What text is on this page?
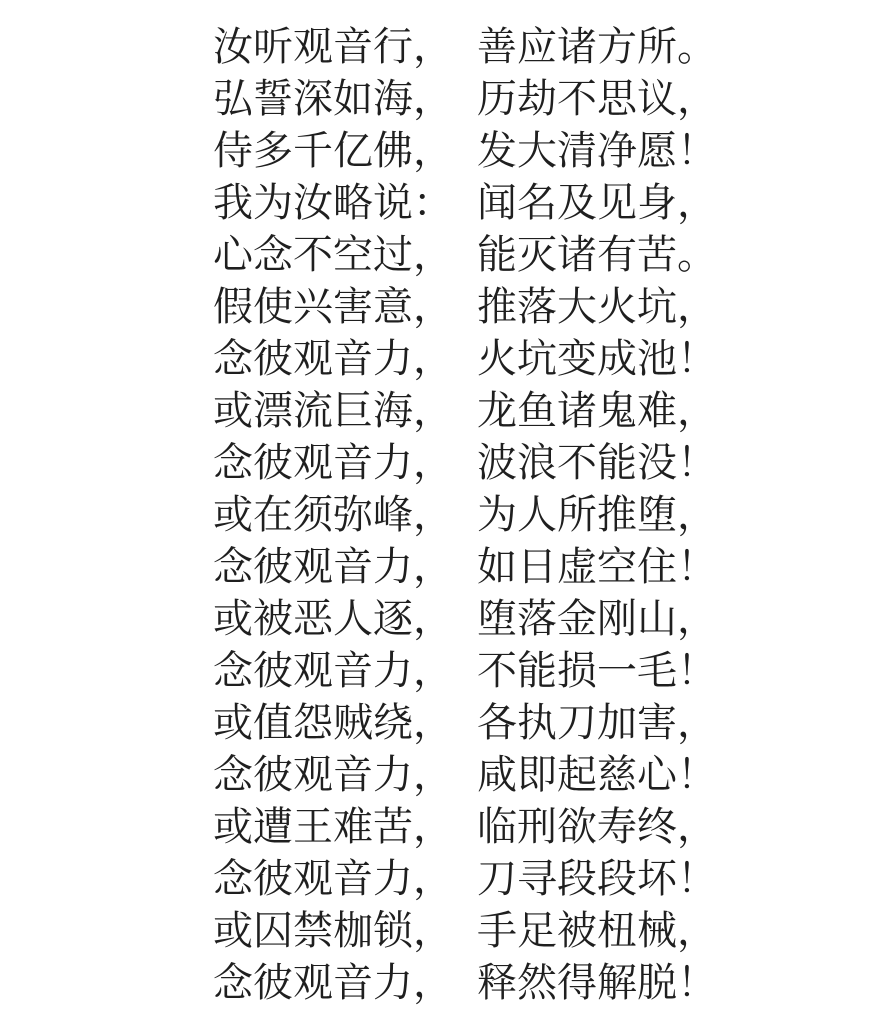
汝听观音行， 善应诸方所。
弘誓深如海， 历劫不思议，
侍多千亿佛， 发大清净愿！
我为汝略说： 闻名及见身，
心念不空过， 能灭诸有苦。
假使兴害意， 推落大火坑，
念彼观音力， 火坑变成池！
或漂流巨海， 龙鱼诸鬼难，
念彼观音力， 波浪不能没！
或在须弥峰， 为人所推堕，
念彼观音力， 如日虚空住！
或被恶人逐， 堕落金刚山，
念彼观音力， 不能损一毛！
或值怨贼绕， 各执刀加害，
念彼观音力， 咸即起慈心！
或遭王难苦， 临刑欲寿终，
念彼观音力， 刀寻段段坏！
或囚禁枷锁， 手足被杻械，
念彼观音力， 释然得解脱！
